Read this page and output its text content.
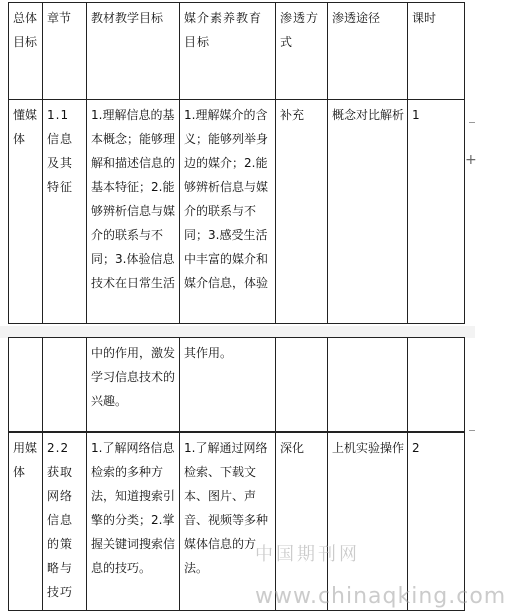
总体目标	章节	教材教学目标	媒介素养教育目标	渗透方式	渗透途径	课时
懂媒体	1.1 信息及其特征	1.理解信息的基本概念；能够理解和描述信息的基本特征；2.能够辨析信息与媒介的联系与不同；3.体验信息技术在日常生活	1.理解媒介的含义；能够列举身边的媒介；2.能够辨析信息与媒介的联系与不同；3.感受生活中丰富的媒介和媒介信息，体验	补充	概念对比解析	1
		中的作用，激发学习信息技术的兴趣。	其作用。			
用媒体	2.2 获取网络信息的策略与技巧	1.了解网络信息检索的多种方法，知道搜索引擎的分类；2.掌握关键词搜索信息的技巧。	1.了解通过网络检索、下载文本、图片、声音、视频等多种媒体信息的方法。	深化	上机实验操作	2
+
中国期刊网
www.chinaqking.com
